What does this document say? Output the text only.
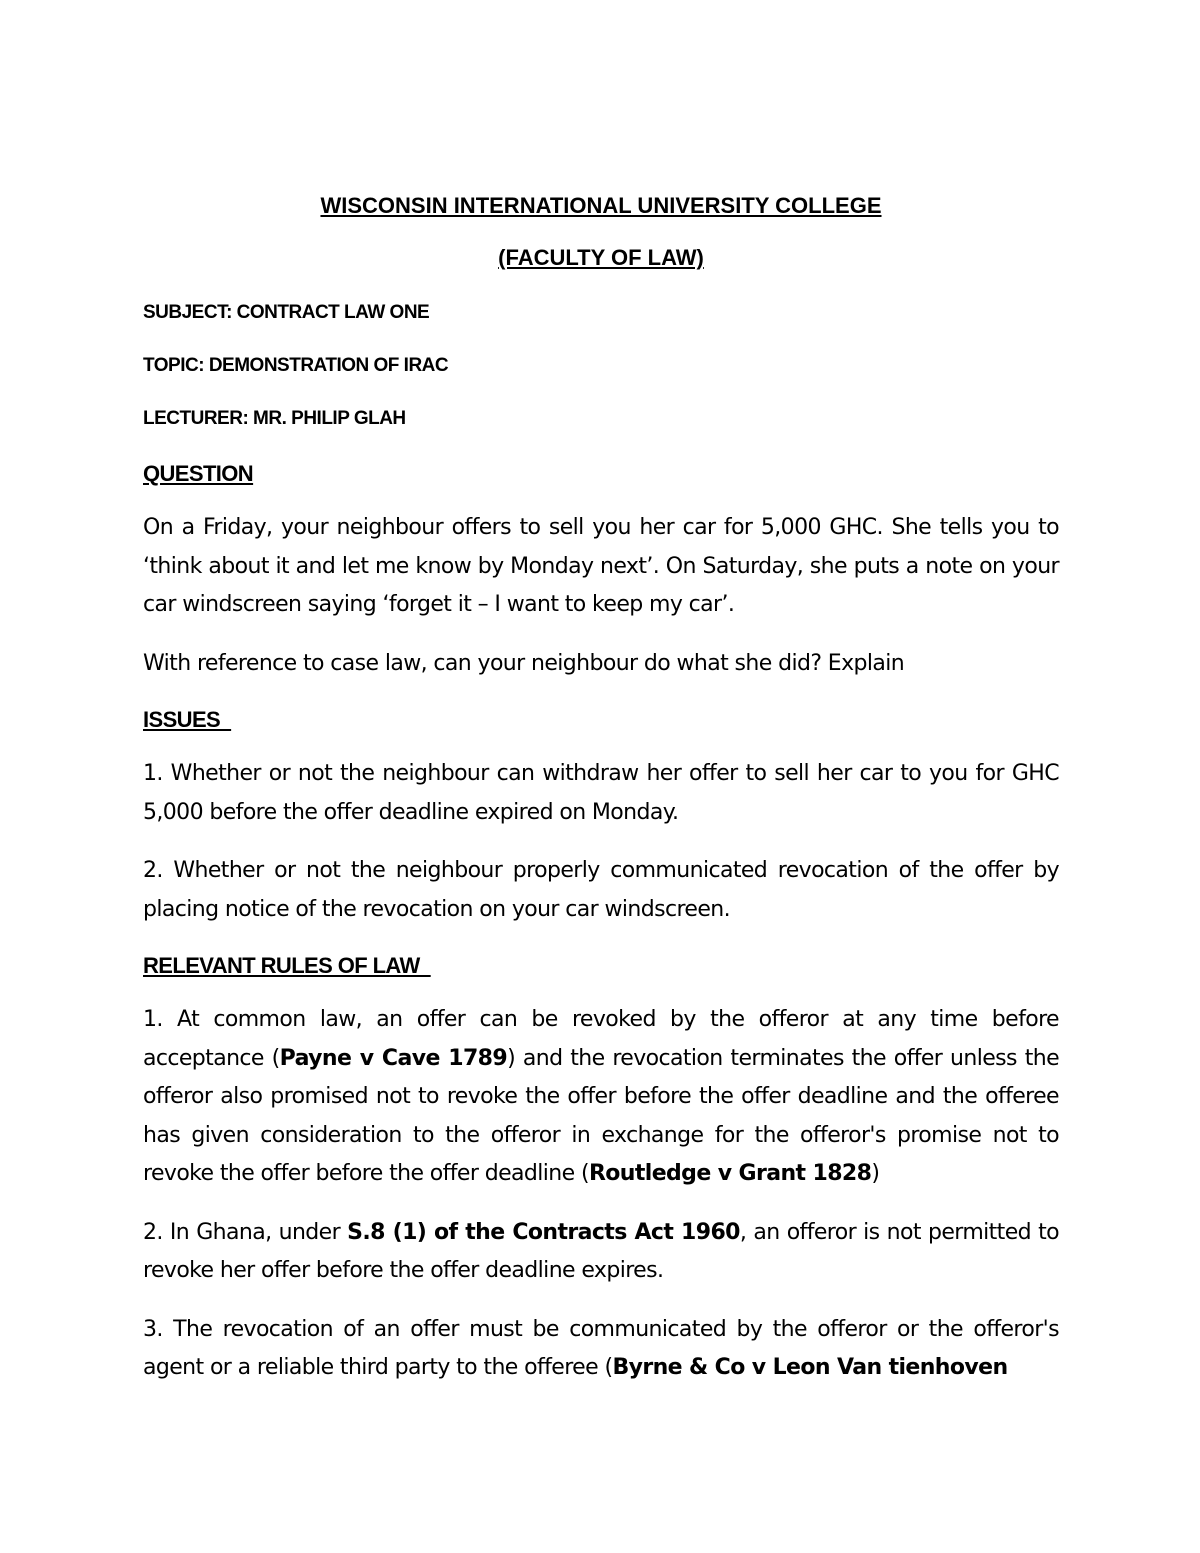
WISCONSIN INTERNATIONAL UNIVERSITY COLLEGE

(FACULTY OF LAW)

SUBJECT: CONTRACT LAW ONE

TOPIC: DEMONSTRATION OF IRAC

LECTURER: MR. PHILIP GLAH

QUESTION

On a Friday, your neighbour offers to sell you her car for 5,000 GHC. She tells you to ‘think about it and let me know by Monday next’. On Saturday, she puts a note on your car windscreen saying ‘forget it – I want to keep my car’.

With reference to case law, can your neighbour do what she did? Explain

ISSUES

1. Whether or not the neighbour can withdraw her offer to sell her car to you for GHC 5,000 before the offer deadline expired on Monday.

2. Whether or not the neighbour properly communicated revocation of the offer by placing notice of the revocation on your car windscreen.

RELEVANT RULES OF LAW

1. At common law, an offer can be revoked by the offeror at any time before acceptance (Payne v Cave 1789) and the revocation terminates the offer unless the offeror also promised not to revoke the offer before the offer deadline and the offeree has given consideration to the offeror in exchange for the offeror's promise not to revoke the offer before the offer deadline (Routledge v Grant 1828)

2. In Ghana, under S.8 (1) of the Contracts Act 1960, an offeror is not permitted to revoke her offer before the offer deadline expires.

3. The revocation of an offer must be communicated by the offeror or the offeror's agent or a reliable third party to the offeree (Byrne & Co v Leon Van tienhoven
